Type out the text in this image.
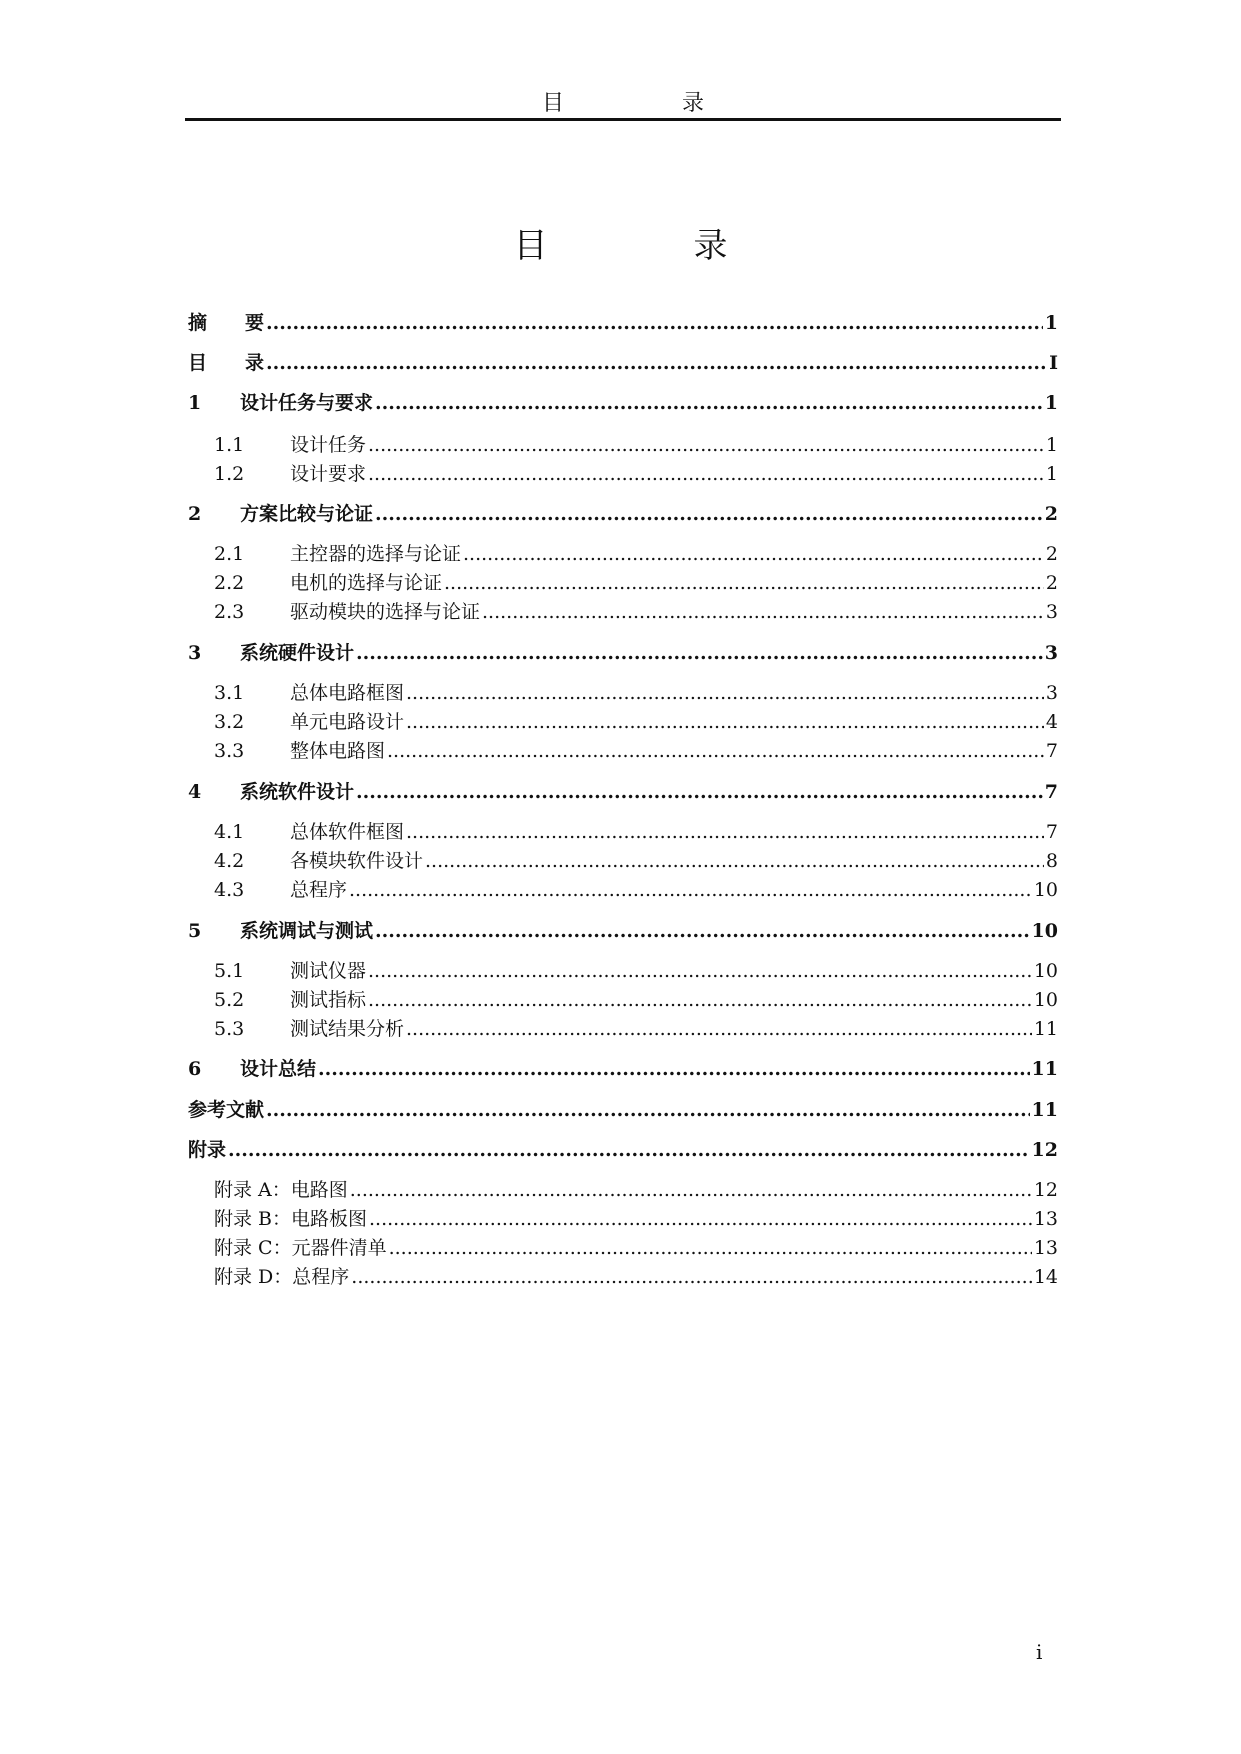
目　录
目　录
摘　　要 .....	1
目　　录 .....	I
1	设计任务与要求 .....	1
1.1	设计任务 .....	1
1.2	设计要求 .....	1
2	方案比较与论证 .....	2
2.1	主控器的选择与论证 .....	2
2.2	电机的选择与论证 .....	2
2.3	驱动模块的选择与论证 .....	3
3	系统硬件设计 .....	3
3.1	总体电路框图 .....	3
3.2	单元电路设计 .....	4
3.3	整体电路图 .....	7
4	系统软件设计 .....	7
4.1	总体软件框图 .....	7
4.2	各模块软件设计 .....	8
4.3	总程序 .....	10
5	系统调试与测试 .....	10
5.1	测试仪器 .....	10
5.2	测试指标 .....	10
5.3	测试结果分析 .....	11
6	设计总结 .....	11
参考文献 .....	11
附录 .....	12
附录 A：电路图 .....	12
附录 B：电路板图 .....	13
附录 C：元器件清单 .....	13
附录 D：总程序 .....	14
i
